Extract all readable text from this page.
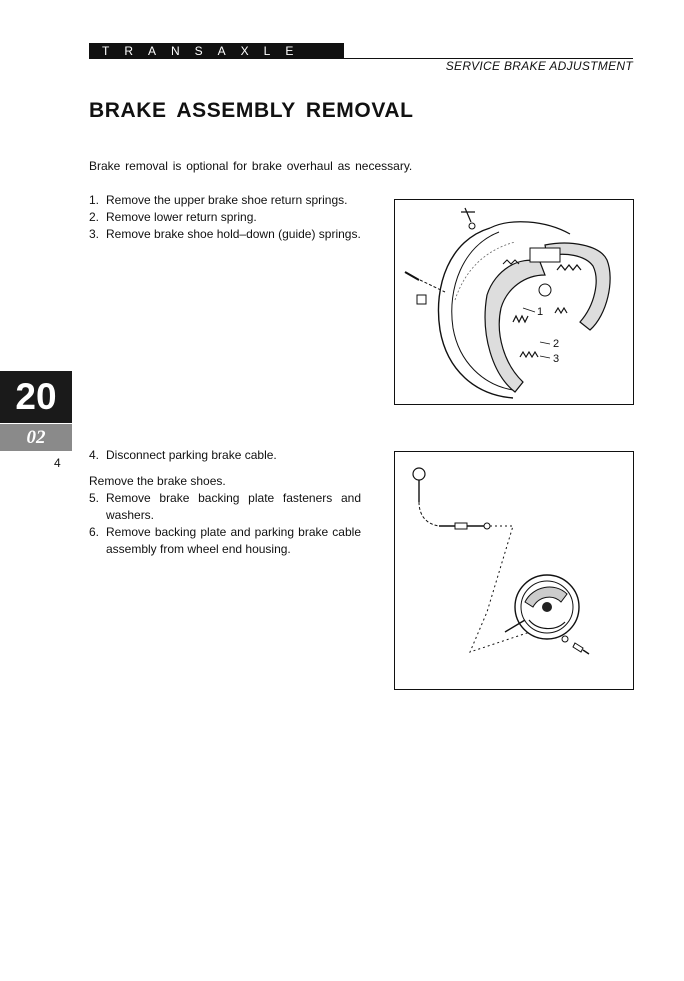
TRANSAXLE
SERVICE BRAKE ADJUSTMENT
BRAKE ASSEMBLY REMOVAL
Brake removal is optional for brake overhaul as necessary.
1. Remove the upper brake shoe return springs.
2. Remove lower return spring.
3. Remove brake shoe hold–down (guide) springs.
4. Disconnect parking brake cable.
Remove the brake shoes.
5. Remove brake backing plate fasteners and washers.
6. Remove backing plate and parking brake cable assembly from wheel end housing.
1
2
3
20
02
4
